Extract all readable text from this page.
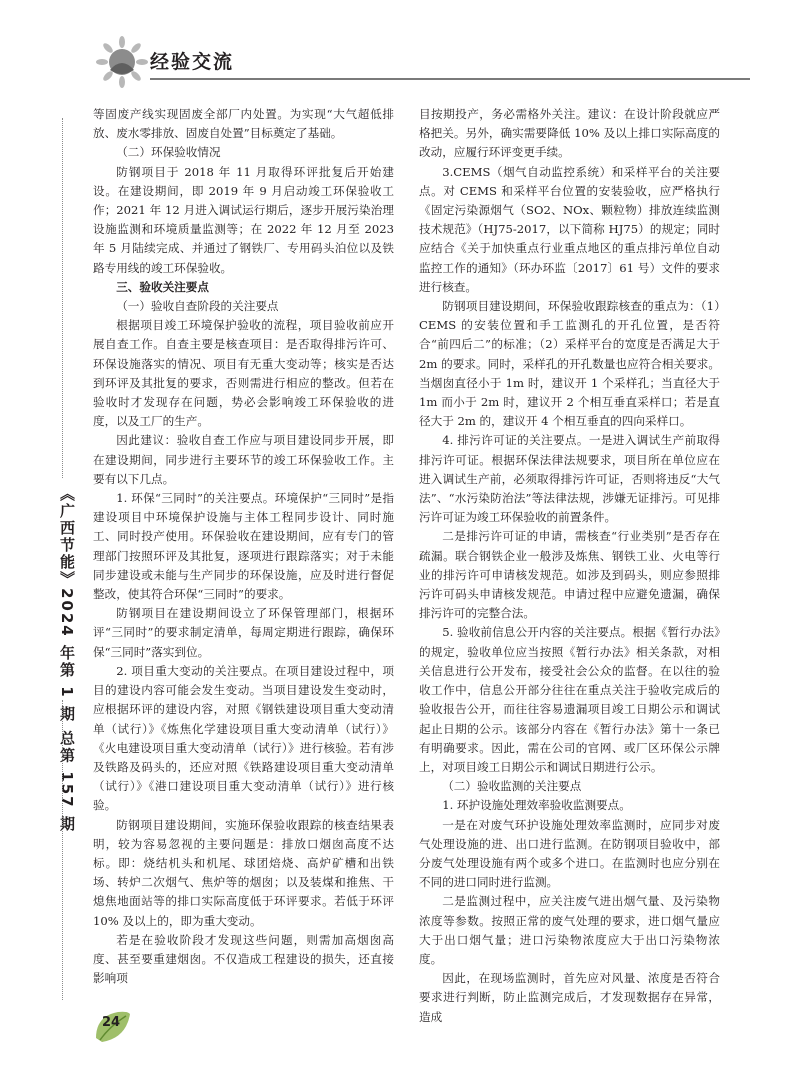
经验交流
《广西节能》2024 年第 1 期 总第 157 期

等固废产线实现固废全部厂内处置。为实现“大气超低排放、废水零排放、固废自处置”目标奠定了基础。

（二）环保验收情况

防钢项目于 2018 年 11 月取得环评批复后开始建设。在建设期间，即 2019 年 9 月启动竣工环保验收工作；2021 年 12 月进入调试运行期后，逐步开展污染治理设施监测和环境质量监测等；在 2022 年 12 月至 2023 年 5 月陆续完成、并通过了钢铁厂、专用码头泊位以及铁路专用线的竣工环保验收。

三、验收关注要点

（一）验收自查阶段的关注要点

根据项目竣工环境保护验收的流程，项目验收前应开展自查工作。自查主要是核查项目：是否取得排污许可、环保设施落实的情况、项目有无重大变动等；核实是否达到环评及其批复的要求，否则需进行相应的整改。但若在验收时才发现存在问题，势必会影响竣工环保验收的进度，以及工厂的生产。

因此建议：验收自查工作应与项目建设同步开展，即在建设期间，同步进行主要环节的竣工环保验收工作。主要有以下几点。

1. 环保“三同时”的关注要点。环境保护“三同时”是指建设项目中环境保护设施与主体工程同步设计、同时施工、同时投产使用。环保验收在建设期间，应有专门的管理部门按照环评及其批复，逐项进行跟踪落实；对于未能同步建设或未能与生产同步的环保设施，应及时进行督促整改，使其符合环保“三同时”的要求。

防钢项目在建设期间设立了环保管理部门，根据环评“三同时”的要求制定清单，每周定期进行跟踪，确保环保“三同时”落实到位。

2. 项目重大变动的关注要点。在项目建设过程中，项目的建设内容可能会发生变动。当项目建设发生变动时，应根据环评的建设内容，对照《钢铁建设项目重大变动清单（试行）》《炼焦化学建设项目重大变动清单（试行）》《火电建设项目重大变动清单（试行）》进行核验。若有涉及铁路及码头的，还应对照《铁路建设项目重大变动清单（试行）》《港口建设项目重大变动清单（试行）》进行核验。

防钢项目建设期间，实施环保验收跟踪的核查结果表明，较为容易忽视的主要问题是：排放口烟囱高度不达标。即：烧结机头和机尾、球团焙烧、高炉矿槽和出铁场、转炉二次烟气、焦炉等的烟囱；以及装煤和推焦、干熄焦地面站等的排口实际高度低于环评要求。若低于环评 10% 及以上的，即为重大变动。

若是在验收阶段才发现这些问题，则需加高烟囱高度、甚至要重建烟囱。不仅造成工程建设的损失，还直接影响项

目按期投产，务必需格外关注。建议：在设计阶段就应严格把关。另外，确实需要降低 10% 及以上排口实际高度的改动，应履行环评变更手续。

3.CEMS（烟气自动监控系统）和采样平台的关注要点。对 CEMS 和采样平台位置的安装验收，应严格执行《固定污染源烟气（SO2、NOx、颗粒物）排放连续监测技术规范》（HJ75-2017，以下简称 HJ75）的规定；同时应结合《关于加快重点行业重点地区的重点排污单位自动监控工作的通知》（环办环监〔2017〕61 号）文件的要求进行核查。

防钢项目建设期间，环保验收跟踪核查的重点为：（1）CEMS 的安装位置和手工监测孔的开孔位置，是否符合“前四后二”的标准；（2）采样平台的宽度是否满足大于 2m 的要求。同时，采样孔的开孔数量也应符合相关要求。当烟囱直径小于 1m 时，建议开 1 个采样孔；当直径大于 1m 而小于 2m 时，建议开 2 个相互垂直采样口；若是直径大于 2m 的，建议开 4 个相互垂直的四向采样口。

4. 排污许可证的关注要点。一是进入调试生产前取得排污许可证。根据环保法律法规要求，项目所在单位应在进入调试生产前，必须取得排污许可证，否则将违反“大气法”、“水污染防治法”等法律法规，涉嫌无证排污。可见排污许可证为竣工环保验收的前置条件。

二是排污许可证的申请，需核查“行业类别”是否存在疏漏。联合钢铁企业一般涉及炼焦、钢铁工业、火电等行业的排污许可申请核发规范。如涉及到码头，则应参照排污许可码头申请核发规范。申请过程中应避免遗漏，确保排污许可的完整合法。

5. 验收前信息公开内容的关注要点。根据《暂行办法》的规定，验收单位应当按照《暂行办法》相关条款，对相关信息进行公开发布，接受社会公众的监督。在以往的验收工作中，信息公开部分往往在重点关注于验收完成后的验收报告公开，而往往容易遗漏项目竣工日期公示和调试起止日期的公示。该部分内容在《暂行办法》第十一条已有明确要求。因此，需在公司的官网、或厂区环保公示牌上，对项目竣工日期公示和调试日期进行公示。

（二）验收监测的关注要点

1. 环护设施处理效率验收监测要点。

一是在对废气环护设施处理效率监测时，应同步对废气处理设施的进、出口进行监测。在防钢项目验收中，部分废气处理设施有两个或多个进口。在监测时也应分别在不同的进口同时进行监测。

二是监测过程中，应关注废气进出烟气量、及污染物浓度等参数。按照正常的废气处理的要求，进口烟气量应大于出口烟气量；进口污染物浓度应大于出口污染物浓度。

因此，在现场监测时，首先应对风量、浓度是否符合要求进行判断，防止监测完成后，才发现数据存在异常，造成

24
